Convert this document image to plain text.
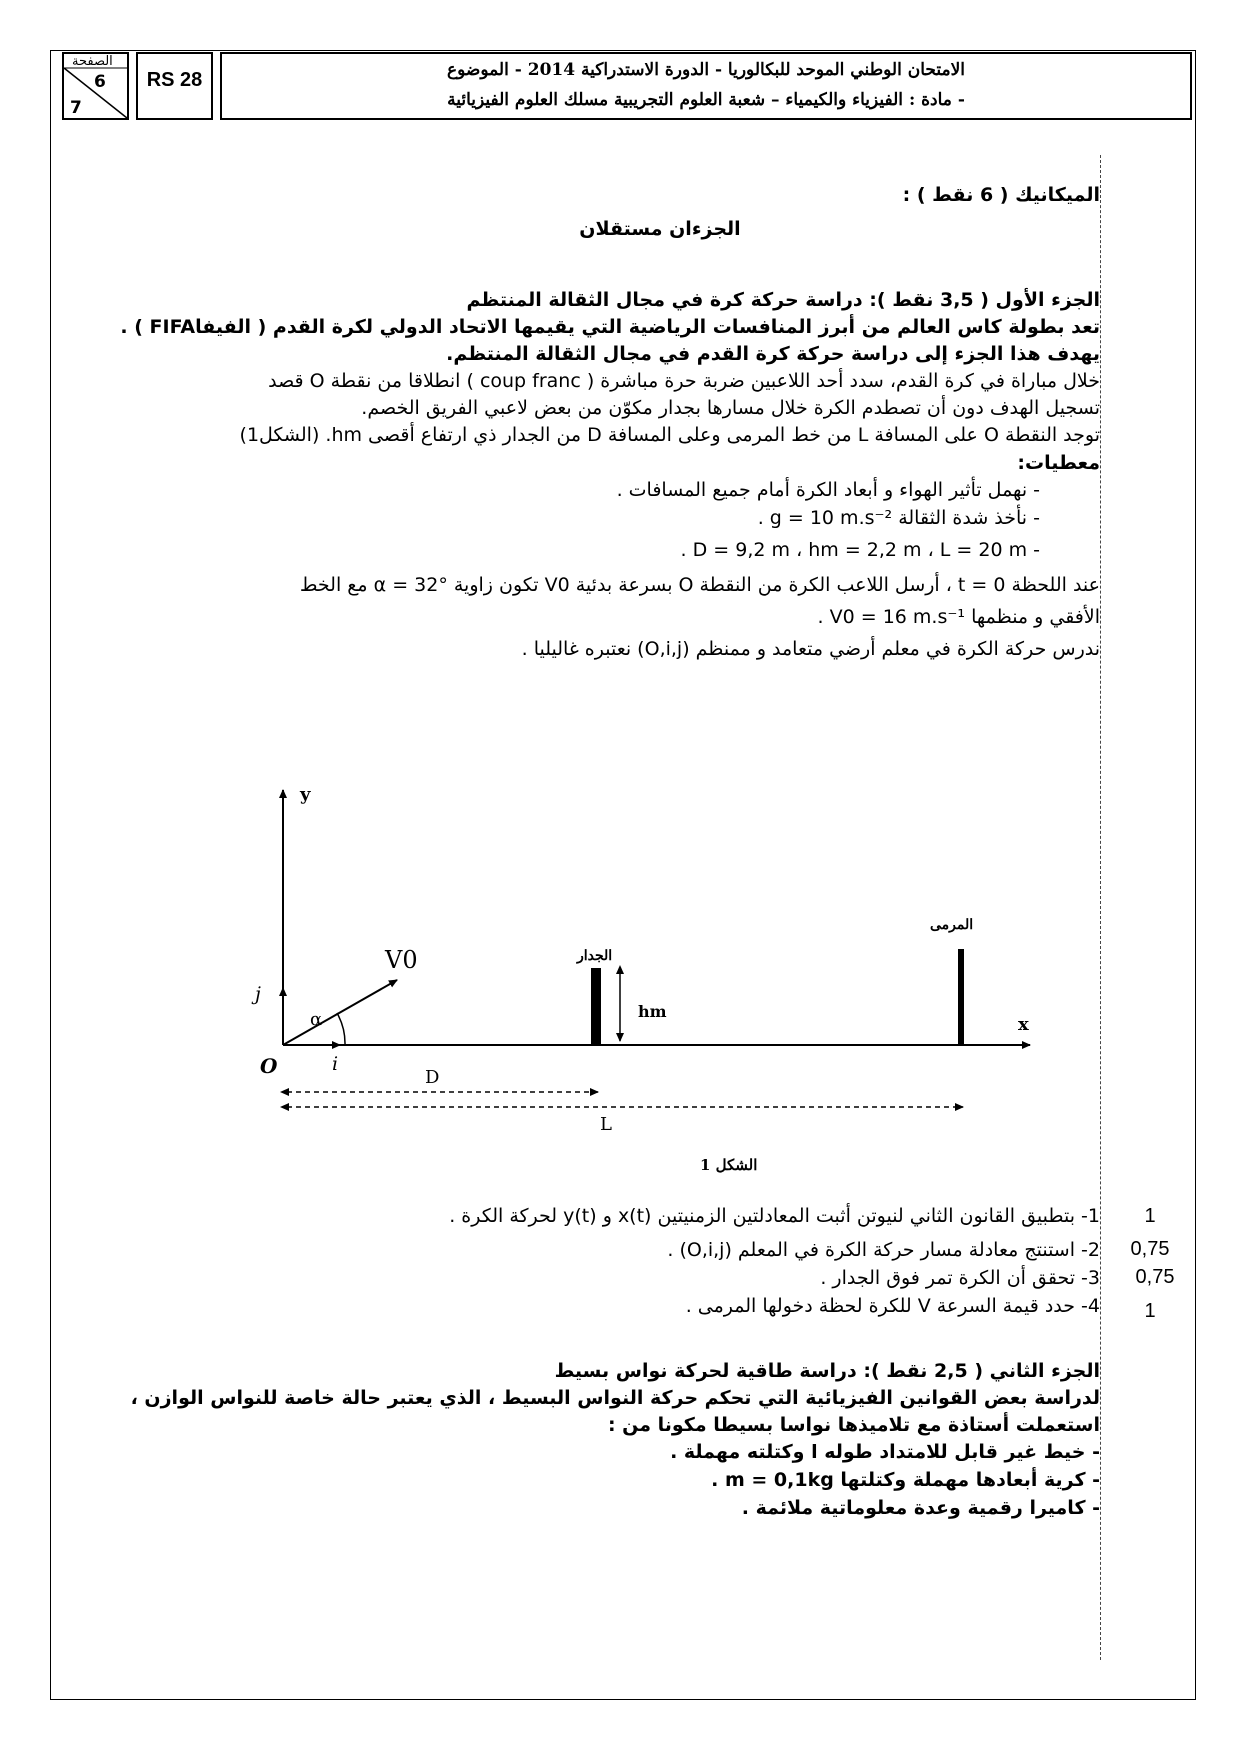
الصفحة
6
7
RS 28	الامتحان الوطني الموحد للبكالوريا - الدورة الاستدراكية 2014 - الموضوع
- مادة : الفيزياء والكيمياء – شعبة العلوم التجريبية مسلك العلوم الفيزيائية
الميكانيك ( 6 نقط ) :
الجزءان مستقلان
الجزء الأول ( 3,5 نقط ): دراسة حركة كرة في مجال الثقالة المنتظم
تعد بطولة كاس العالم من أبرز المنافسات الرياضية التي يقيمها الاتحاد الدولي لكرة القدم ( الفيفاFIFA ) .
يهدف هذا الجزء إلى دراسة حركة كرة القدم في مجال الثقالة المنتظم.
خلال مباراة في كرة القدم، سدد أحد اللاعبين ضربة حرة مباشرة ( coup franc ) انطلاقا من نقطة O قصد
تسجيل الهدف دون أن تصطدم الكرة خلال مسارها بجدار مكوّن من بعض لاعبي الفريق الخصم.
توجد النقطة O على المسافة L من خط المرمى وعلى المسافة D من الجدار ذي ارتفاع أقصى hm. (الشكل1)
معطيات:
- نهمل تأثير الهواء و أبعاد الكرة أمام جميع المسافات .
- نأخذ شدة الثقالة g = 10 m.s⁻² .
- D = 9,2 m ، hm = 2,2 m ، L = 20 m .
عند اللحظة t = 0 ، أرسل اللاعب الكرة من النقطة O بسرعة بدئية V0 تكون زاوية α = 32° مع الخط
الأفقي و منظمها V0 = 16 m.s⁻¹ .
ندرس حركة الكرة في معلم أرضي متعامد و ممنظم (O,i,j) نعتبره غاليليا .
y
x
O
j
i
V0
α
الجدار
hm
المرمى
D
L
الشكل 1
1- بتطبيق القانون الثاني لنيوتن أثبت المعادلتين الزمنيتين x(t) و y(t) لحركة الكرة .	1
2- استنتج معادلة مسار حركة الكرة في المعلم (O,i,j) .	0,75
3- تحقق أن الكرة تمر فوق الجدار .	0,75
4- حدد قيمة السرعة V للكرة لحظة دخولها المرمى .	1
الجزء الثاني ( 2,5 نقط ): دراسة طاقية لحركة نواس بسيط
لدراسة بعض القوانين الفيزيائية التي تحكم حركة النواس البسيط ، الذي يعتبر حالة خاصة للنواس الوازن ،
استعملت أستاذة مع تلاميذها نواسا بسيطا مكونا من :
- خيط غير قابل للامتداد طوله l وكتلته مهملة .
- كرية أبعادها مهملة وكتلتها m = 0,1kg .
- كاميرا رقمية وعدة معلوماتية ملائمة .
